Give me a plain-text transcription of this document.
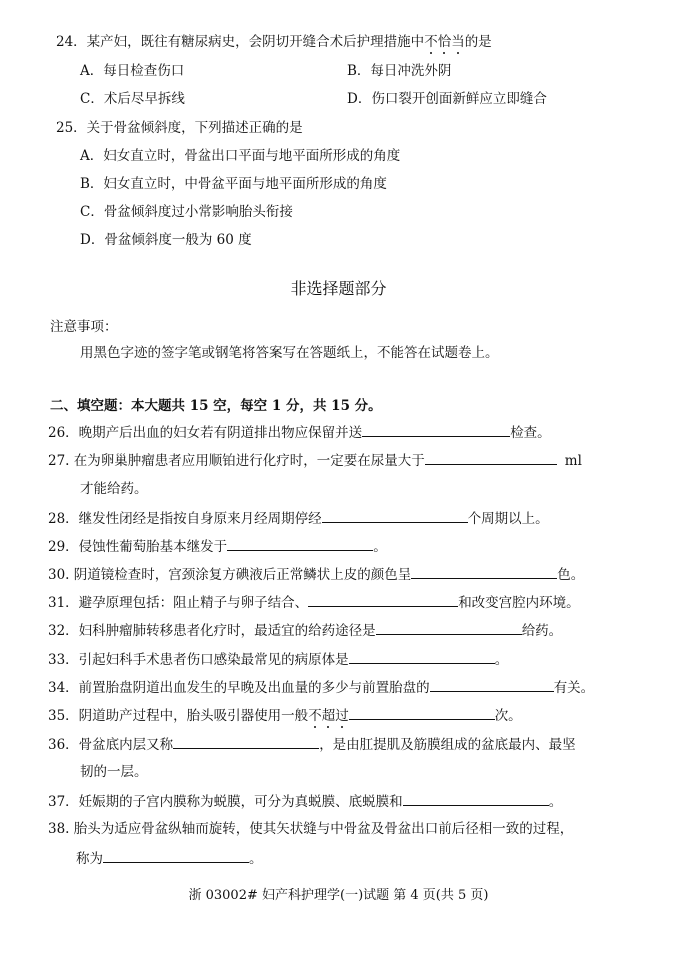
24．某产妇，既往有糖尿病史，会阴切开缝合术后护理措施中不恰当的是
A．每日检查伤口	B．每日冲洗外阴
C．术后尽早拆线	D．伤口裂开创面新鲜应立即缝合
25．关于骨盆倾斜度，下列描述正确的是
A．妇女直立时，骨盆出口平面与地平面所形成的角度
B．妇女直立时，中骨盆平面与地平面所形成的角度
C．骨盆倾斜度过小常影响胎头衔接
D．骨盆倾斜度一般为 60 度
非选择题部分
注意事项：
用黑色字迹的签字笔或钢笔将答案写在答题纸上，不能答在试题卷上。
二、填空题：本大题共 15 空，每空 1 分，共 15 分。
26．晚期产后出血的妇女若有阴道排出物应保留并送	检查。
27. 在为卵巢肿瘤患者应用顺铂进行化疗时，一定要在尿量大于	ml
才能给药。
28．继发性闭经是指按自身原来月经周期停经	个周期以上。
29．侵蚀性葡萄胎基本继发于	。
30. 阴道镜检查时，宫颈涂复方碘液后正常鳞状上皮的颜色呈	色。
31．避孕原理包括：阻止精子与卵子结合、	和改变宫腔内环境。
32．妇科肿瘤肺转移患者化疗时，最适宜的给药途径是	给药。
33．引起妇科手术患者伤口感染最常见的病原体是	。
34．前置胎盘阴道出血发生的早晚及出血量的多少与前置胎盘的	有关。
35．阴道助产过程中，胎头吸引器使用一般不超过	次。
36．骨盆底内层又称	，是由肛提肌及筋膜组成的盆底最内、最坚
韧的一层。
37．妊娠期的子宫内膜称为蜕膜，可分为真蜕膜、底蜕膜和	。
38. 胎头为适应骨盆纵轴而旋转，使其矢状缝与中骨盆及骨盆出口前后径相一致的过程，
称为	。
浙 03002# 妇产科护理学(一)试题 第 4 页(共 5 页)
